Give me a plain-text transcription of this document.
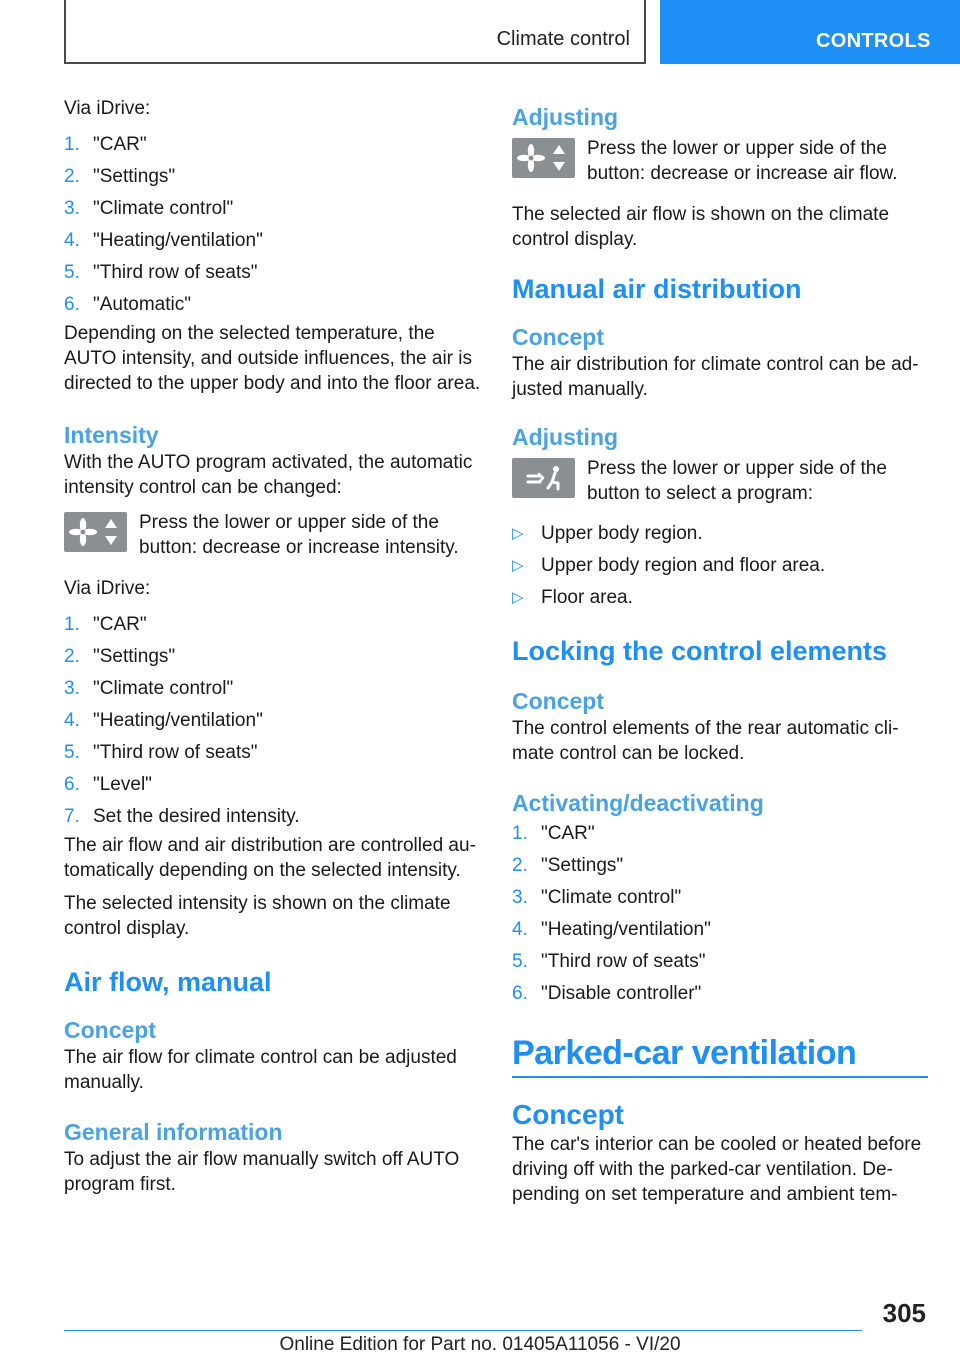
Climate control	CONTROLS

Via iDrive:

1. "CAR"
2. "Settings"
3. "Climate control"
4. "Heating/ventilation"
5. "Third row of seats"
6. "Automatic"

Depending on the selected temperature, the AUTO intensity, and outside influences, the air is directed to the upper body and into the floor area.

Intensity

With the AUTO program activated, the automatic intensity control can be changed:

Press the lower or upper side of the button: decrease or increase intensity.

Via iDrive:

1. "CAR"
2. "Settings"
3. "Climate control"
4. "Heating/ventilation"
5. "Third row of seats"
6. "Level"
7. Set the desired intensity.

The air flow and air distribution are controlled automatically depending on the selected intensity.

The selected intensity is shown on the climate control display.

Air flow, manual
Concept

The air flow for climate control can be adjusted manually.

General information

To adjust the air flow manually switch off AUTO program first.

Adjusting

Press the lower or upper side of the button: decrease or increase air flow.

The selected air flow is shown on the climate control display.

Manual air distribution
Concept

The air distribution for climate control can be adjusted manually.

Adjusting

Press the lower or upper side of the button to select a program:

▷ Upper body region.
▷ Upper body region and floor area.
▷ Floor area.
Locking the control elements
Concept

The control elements of the rear automatic climate control can be locked.

Activating/deactivating
1. "CAR"
2. "Settings"
3. "Climate control"
4. "Heating/ventilation"
5. "Third row of seats"
6. "Disable controller"
Parked-car ventilation
Concept

The car's interior can be cooled or heated before driving off with the parked-car ventilation. Depending on set temperature and ambient tem-

305
Online Edition for Part no. 01405A11056 - VI/20
